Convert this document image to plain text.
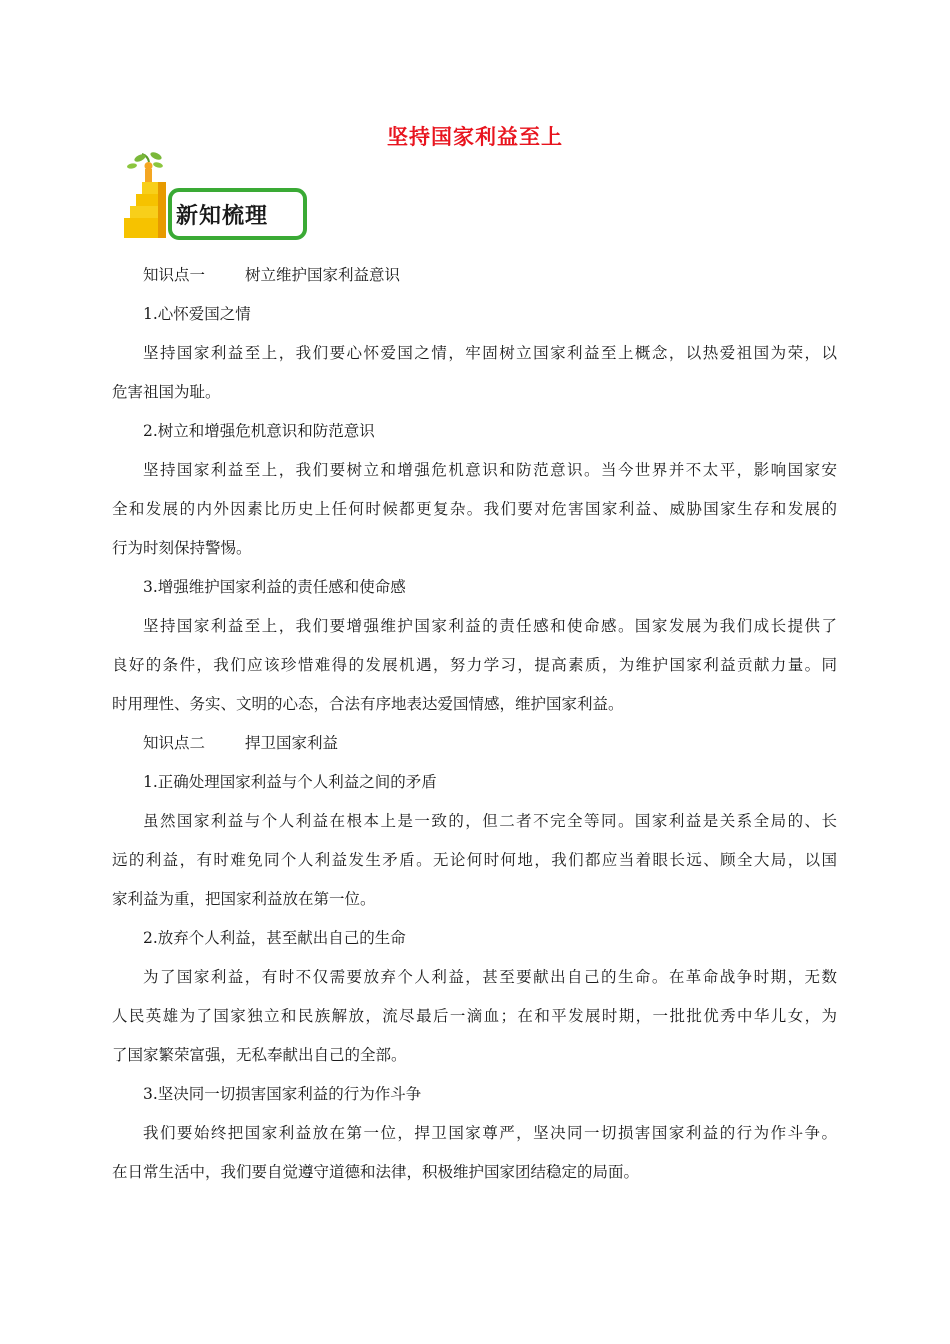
坚持国家利益至上
新知梳理
知识点一	树立维护国家利益意识
1.心怀爱国之情
坚持国家利益至上，我们要心怀爱国之情，牢固树立国家利益至上概念，以热爱祖国为荣，以
危害祖国为耻。
2.树立和增强危机意识和防范意识
坚持国家利益至上，我们要树立和增强危机意识和防范意识。当今世界并不太平，影响国家安
全和发展的内外因素比历史上任何时候都更复杂。我们要对危害国家利益、威胁国家生存和发展的
行为时刻保持警惕。
3.增强维护国家利益的责任感和使命感
坚持国家利益至上，我们要增强维护国家利益的责任感和使命感。国家发展为我们成长提供了
良好的条件，我们应该珍惜难得的发展机遇，努力学习，提高素质，为维护国家利益贡献力量。同
时用理性、务实、文明的心态，合法有序地表达爱国情感，维护国家利益。
知识点二	捍卫国家利益
1.正确处理国家利益与个人利益之间的矛盾
虽然国家利益与个人利益在根本上是一致的，但二者不完全等同。国家利益是关系全局的、长
远的利益，有时难免同个人利益发生矛盾。无论何时何地，我们都应当着眼长远、顾全大局，以国
家利益为重，把国家利益放在第一位。
2.放弃个人利益，甚至献出自己的生命
为了国家利益，有时不仅需要放弃个人利益，甚至要献出自己的生命。在革命战争时期，无数
人民英雄为了国家独立和民族解放，流尽最后一滴血；在和平发展时期，一批批优秀中华儿女，为
了国家繁荣富强，无私奉献出自己的全部。
3.坚决同一切损害国家利益的行为作斗争
我们要始终把国家利益放在第一位，捍卫国家尊严，坚决同一切损害国家利益的行为作斗争。
在日常生活中，我们要自觉遵守道德和法律，积极维护国家团结稳定的局面。
